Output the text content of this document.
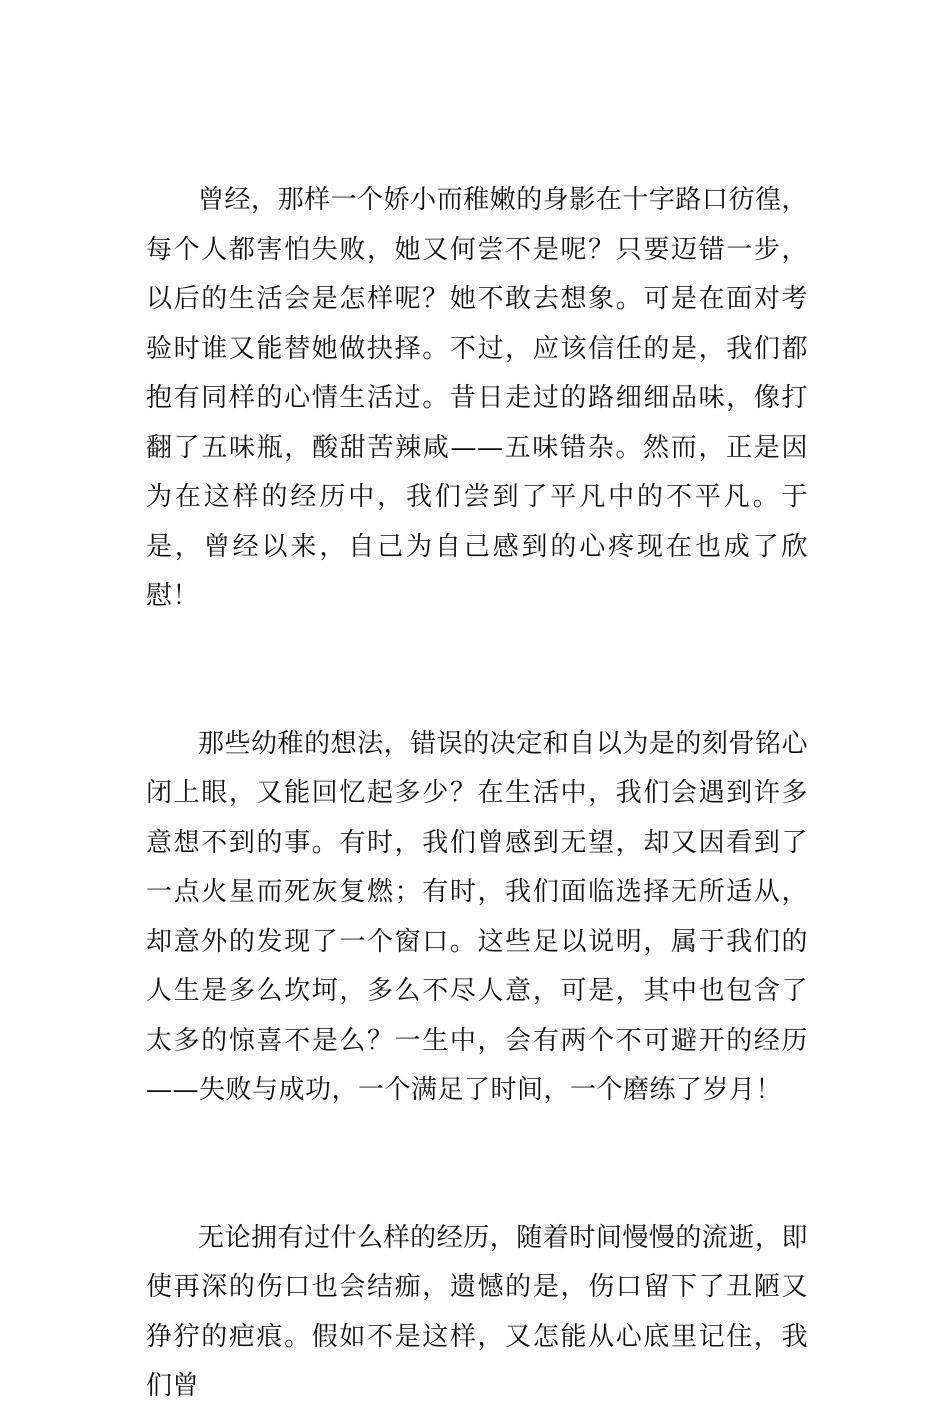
曾经，那样一个娇小而稚嫩的身影在十字路口彷徨，每个人都害怕失败，她又何尝不是呢？只要迈错一步，以后的生活会是怎样呢？她不敢去想象。可是在面对考验时谁又能替她做抉择。不过，应该信任的是，我们都抱有同样的心情生活过。昔日走过的路细细品味，像打翻了五味瓶，酸甜苦辣咸——五味错杂。然而，正是因为在这样的经历中，我们尝到了平凡中的不平凡。于是，曾经以来，自己为自己感到的心疼现在也成了欣慰！

那些幼稚的想法，错误的决定和自以为是的刻骨铭心闭上眼，又能回忆起多少？在生活中，我们会遇到许多意想不到的事。有时，我们曾感到无望，却又因看到了一点火星而死灰复燃；有时，我们面临选择无所适从，却意外的发现了一个窗口。这些足以说明，属于我们的人生是多么坎坷，多么不尽人意，可是，其中也包含了太多的惊喜不是么？一生中，会有两个不可避开的经历——失败与成功，一个满足了时间，一个磨练了岁月！

无论拥有过什么样的经历，随着时间慢慢的流逝，即使再深的伤口也会结痂，遗憾的是，伤口留下了丑陋又狰狞的疤痕。假如不是这样，又怎能从心底里记住，我们曾
